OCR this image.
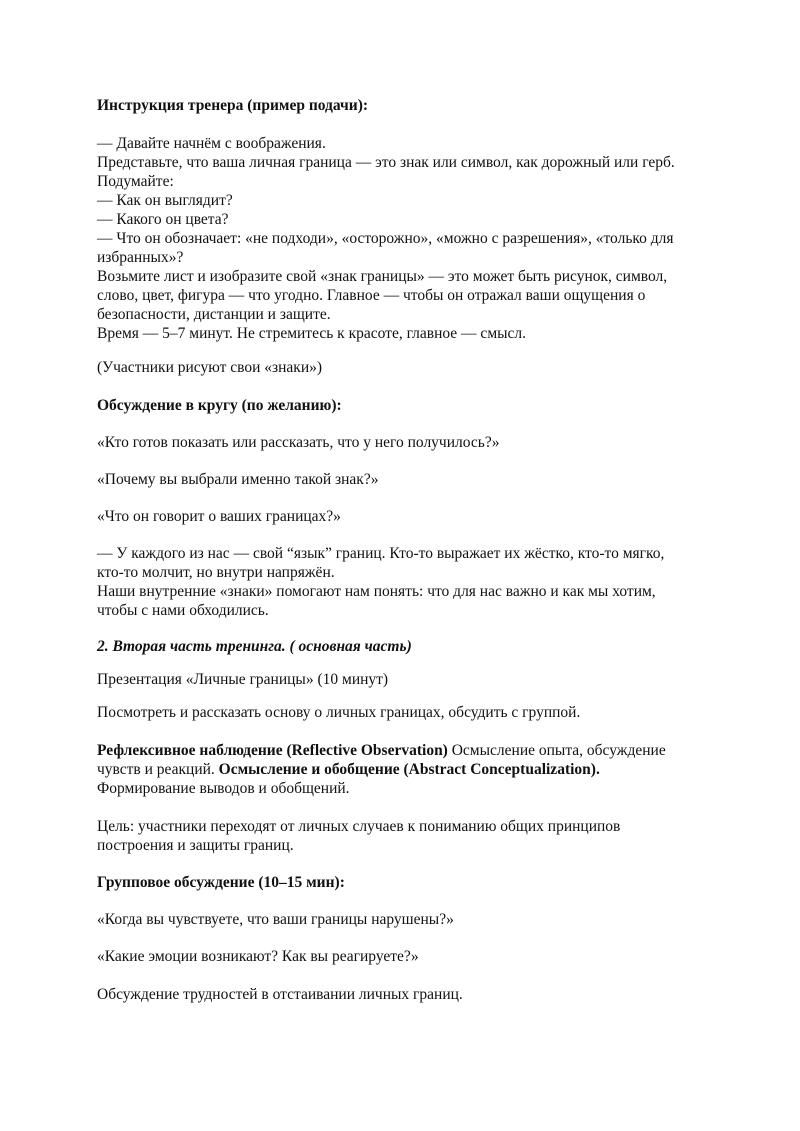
Инструкция тренера (пример подачи):

— Давайте начнём с воображения.
Представьте, что ваша личная граница — это знак или символ, как дорожный или герб.
Подумайте:
— Как он выглядит?
— Какого он цвета?
— Что он обозначает: «не подходи», «осторожно», «можно с разрешения», «только для
избранных»?
Возьмите лист и изобразите свой «знак границы» — это может быть рисунок, символ,
слово, цвет, фигура — что угодно. Главное — чтобы он отражал ваши ощущения о
безопасности, дистанции и защите.
Время — 5–7 минут. Не стремитесь к красоте, главное — смысл.

(Участники рисуют свои «знаки»)

Обсуждение в кругу (по желанию):

«Кто готов показать или рассказать, что у него получилось?»

«Почему вы выбрали именно такой знак?»

«Что он говорит о ваших границах?»

— У каждого из нас — свой “язык” границ. Кто-то выражает их жёстко, кто-то мягко,
кто-то молчит, но внутри напряжён.
Наши внутренние «знаки» помогают нам понять: что для нас важно и как мы хотим,
чтобы с нами обходились.

2. Вторая часть тренинга. ( основная часть)

Презентация «Личные границы» (10 минут)

Посмотреть и рассказать основу о личных границах, обсудить с группой.

Рефлексивное наблюдение (Reflective Observation) Осмысление опыта, обсуждение
чувств и реакций. Осмысление и обобщение (Abstract Conceptualization).
Формирование выводов и обобщений.
Цель: участники переходят от личных случаев к пониманию общих принципов
построения и защиты границ.

Групповое обсуждение (10–15 мин):

«Когда вы чувствуете, что ваши границы нарушены?»

«Какие эмоции возникают? Как вы реагируете?»

Обсуждение трудностей в отстаивании личных границ.
